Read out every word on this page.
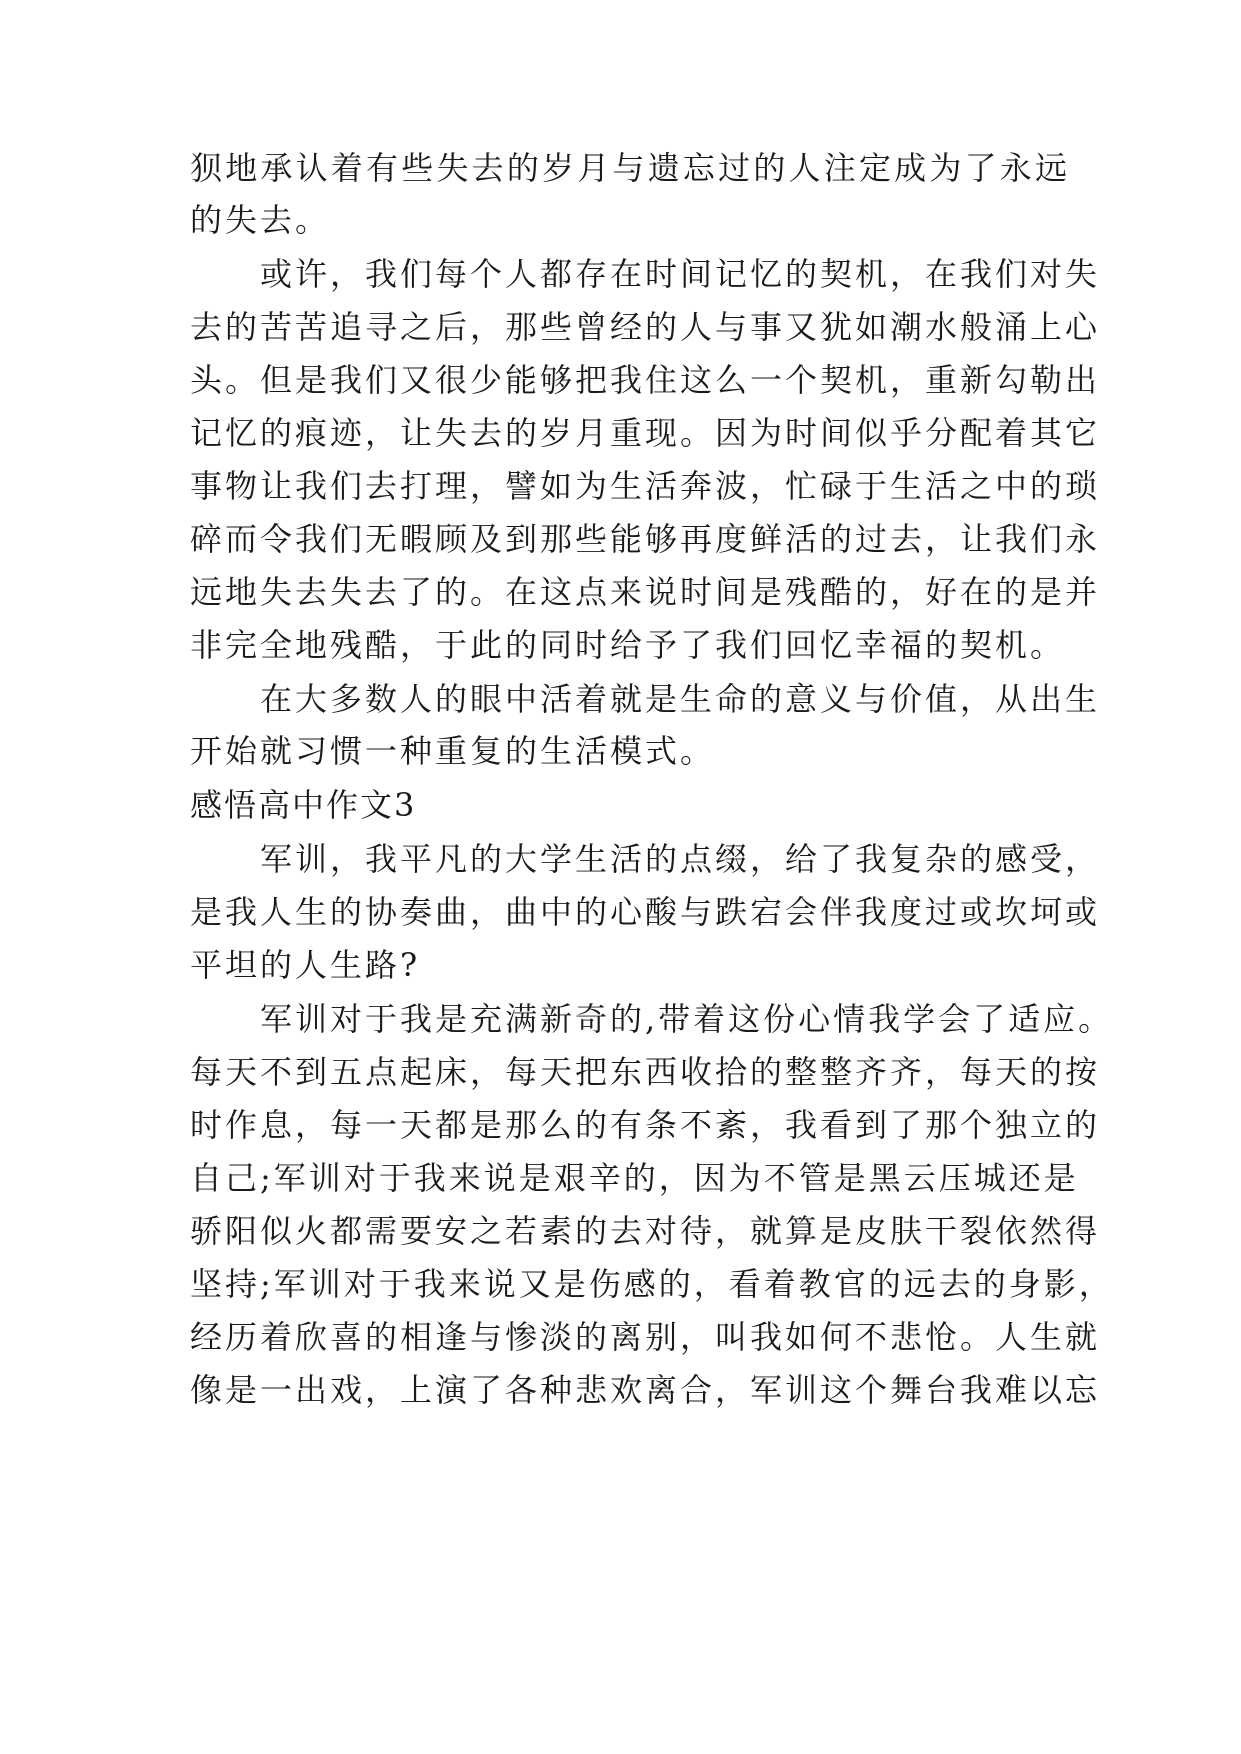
狈地承认着有些失去的岁月与遗忘过的人注定成为了永远
的失去。
　　或许，我们每个人都存在时间记忆的契机，在我们对失
去的苦苦追寻之后，那些曾经的人与事又犹如潮水般涌上心
头。但是我们又很少能够把我住这么一个契机，重新勾勒出
记忆的痕迹，让失去的岁月重现。因为时间似乎分配着其它
事物让我们去打理，譬如为生活奔波，忙碌于生活之中的琐
碎而令我们无暇顾及到那些能够再度鲜活的过去，让我们永
远地失去失去了的。在这点来说时间是残酷的，好在的是并
非完全地残酷，于此的同时给予了我们回忆幸福的契机。
　　在大多数人的眼中活着就是生命的意义与价值，从出生
开始就习惯一种重复的生活模式。
感悟高中作文3
　　军训，我平凡的大学生活的点缀，给了我复杂的感受，
是我人生的协奏曲，曲中的心酸与跌宕会伴我度过或坎坷或
平坦的人生路?
　　军训对于我是充满新奇的,带着这份心情我学会了适应。
每天不到五点起床，每天把东西收拾的整整齐齐，每天的按
时作息，每一天都是那么的有条不紊，我看到了那个独立的
自己;军训对于我来说是艰辛的，因为不管是黑云压城还是
骄阳似火都需要安之若素的去对待，就算是皮肤干裂依然得
坚持;军训对于我来说又是伤感的，看着教官的远去的身影，
经历着欣喜的相逢与惨淡的离别，叫我如何不悲怆。人生就
像是一出戏，上演了各种悲欢离合，军训这个舞台我难以忘
